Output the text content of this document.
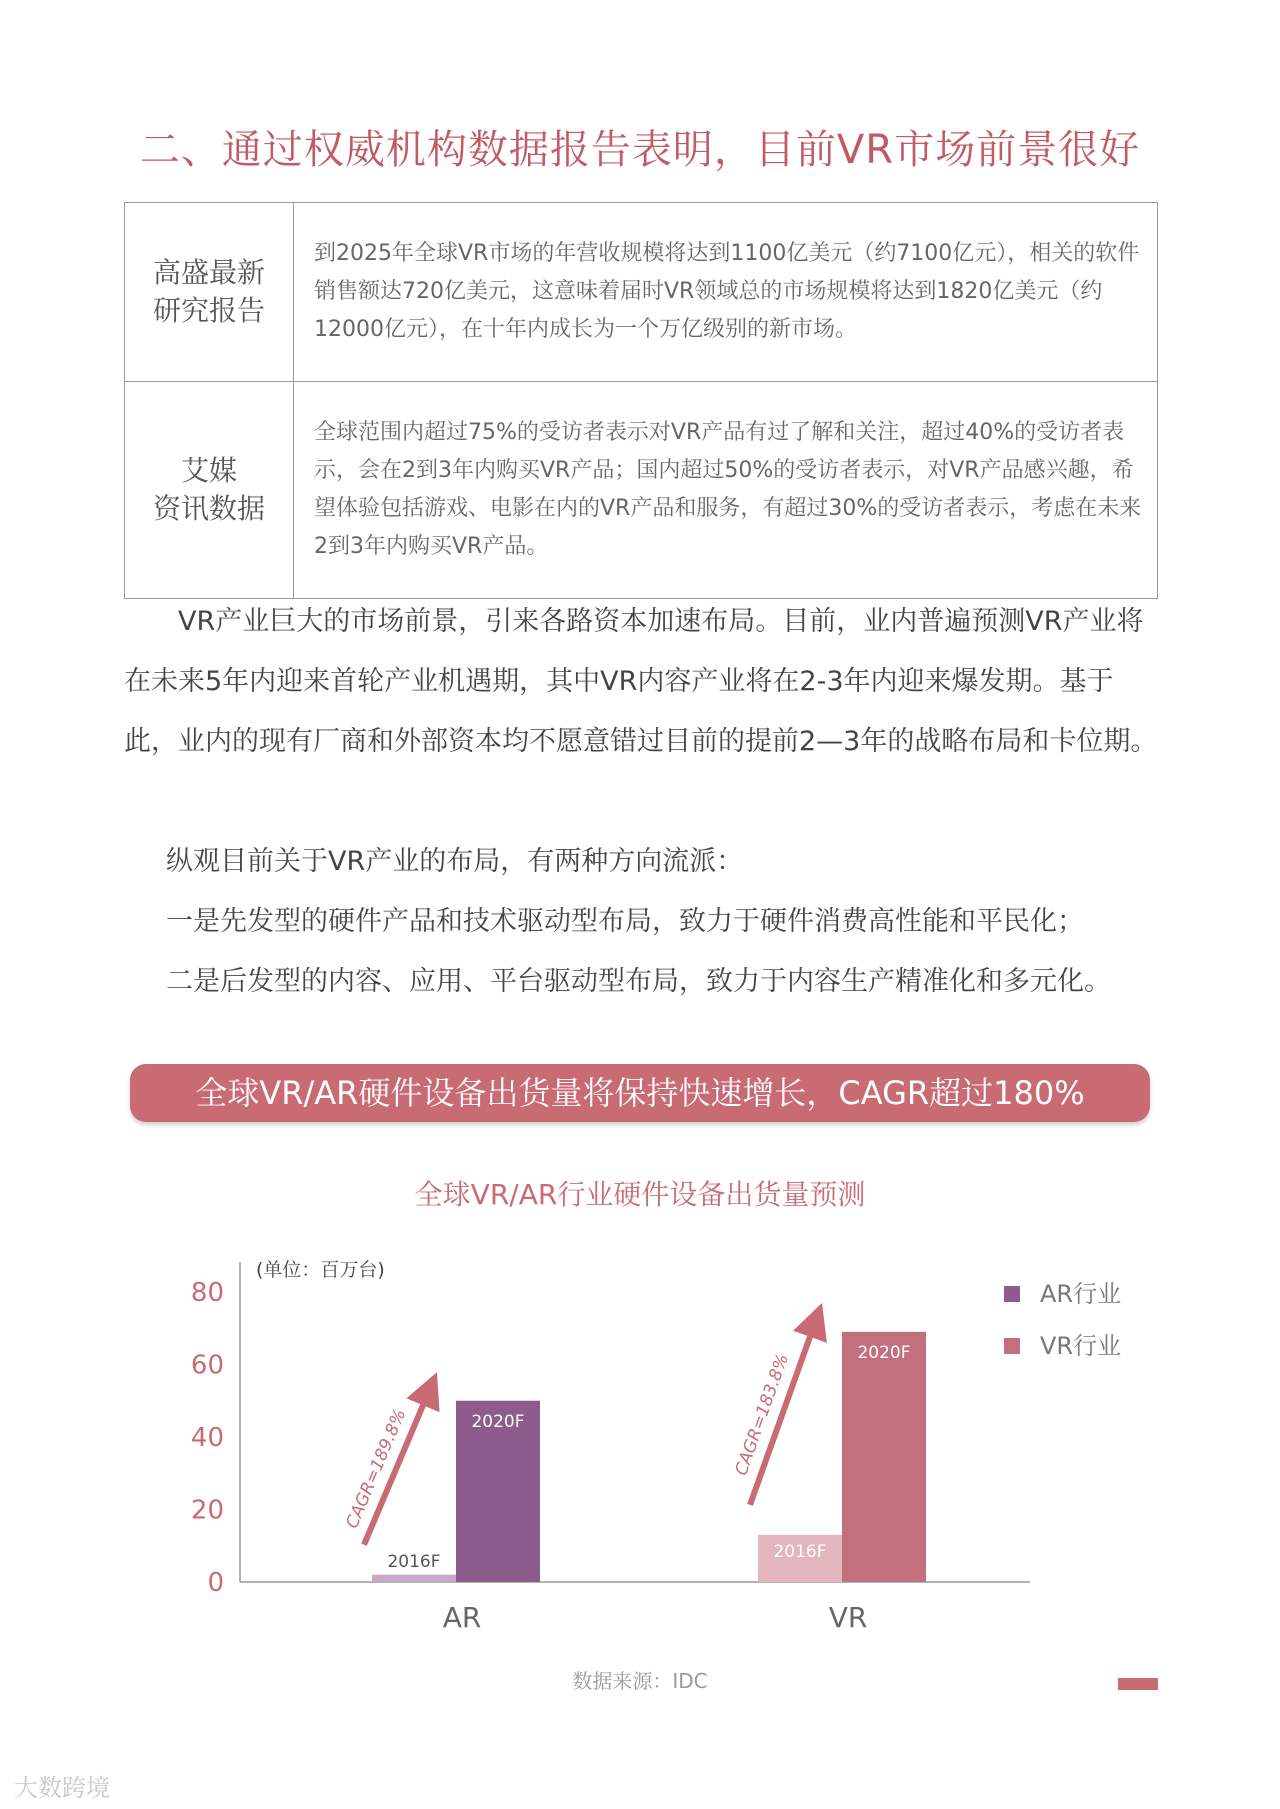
二、通过权威机构数据报告表明，目前VR市场前景很好
高盛最新
研究报告	到2025年全球VR市场的年营收规模将达到1100亿美元（约7100亿元），相关的软件销售额达720亿美元，这意味着届时VR领域总的市场规模将达到1820亿美元（约12000亿元），在十年内成长为一个万亿级别的新市场。

艾媒
资讯数据	全球范围内超过75%的受访者表示对VR产品有过了解和关注，超过40%的受访者表示，会在2到3年内购买VR产品；国内超过50%的受访者表示，对VR产品感兴趣，希望体验包括游戏、电影在内的VR产品和服务，有超过30%的受访者表示，考虑在未来2到3年内购买VR产品。

VR产业巨大的市场前景，引来各路资本加速布局。目前，业内普遍预测VR产业将在未来5年内迎来首轮产业机遇期，其中VR内容产业将在2-3年内迎来爆发期。基于此，业内的现有厂商和外部资本均不愿意错过目前的提前2—3年的战略布局和卡位期。

纵观目前关于VR产业的布局，有两种方向流派：

一是先发型的硬件产品和技术驱动型布局，致力于硬件消费高性能和平民化；

二是后发型的内容、应用、平台驱动型布局，致力于内容生产精准化和多元化。

全球VR/AR硬件设备出货量将保持快速增长，CAGR超过180%
全球VR/AR行业硬件设备出货量预测
0
20
40
60
80
(单位：百万台)
2016F
2020F
CAGR=189.8%
AR
AR行业
2016F
2020F
CAGR=183.8%
VR
VR行业
数据来源：IDC
大数跨境
